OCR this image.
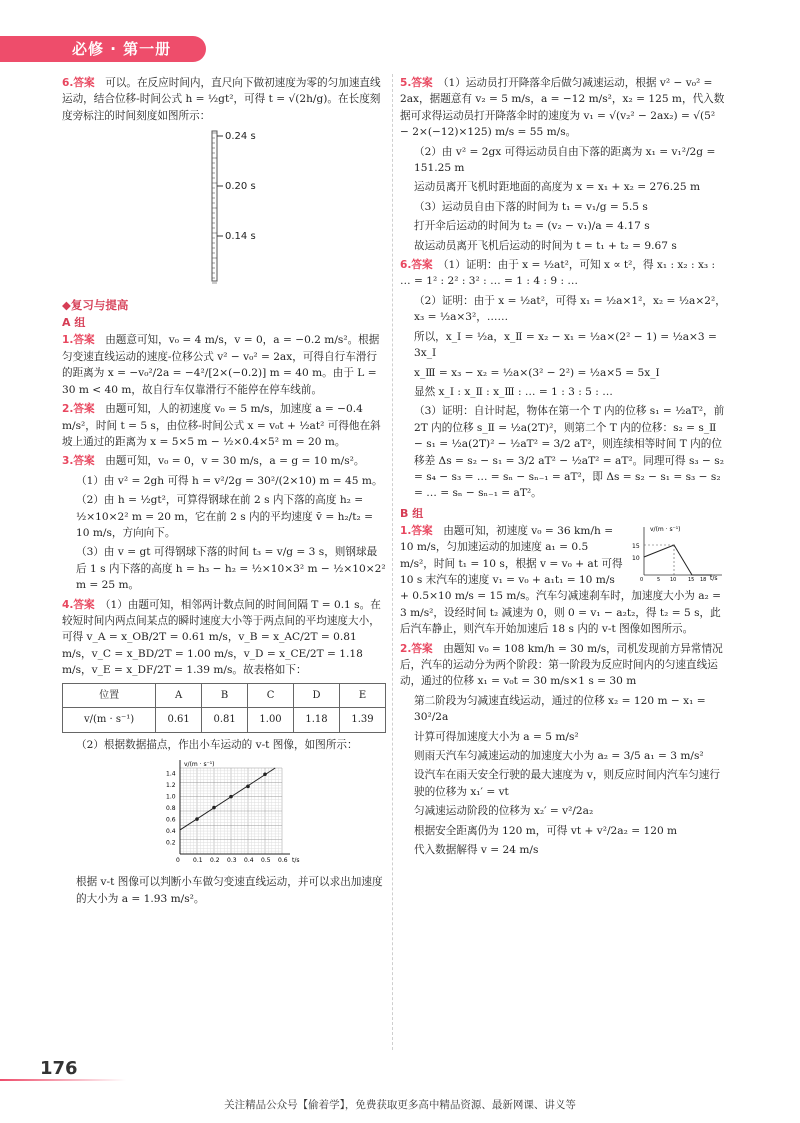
必修 · 第一册

6.答案　 可以。在反应时间内，直尺向下做初速度为零的匀加速直线运动，结合位移-时间公式 h = ½gt²，可得 t = √(2h/g)。在长度刻度旁标注的时间刻度如图所示：

0.24 s
0.20 s
0.14 s
◆复习与提高
A 组

1.答案　 由题意可知，v₀ = 4 m/s，v = 0，a = −0.2 m/s²。根据匀变速直线运动的速度-位移公式 v² − v₀² = 2ax，可得自行车滑行的距离为 x = −v₀²/2a = −4²/[2×(−0.2)] m = 40 m。由于 L = 30 m < 40 m，故自行车仅靠滑行不能停在停车线前。

2.答案　 由题可知，人的初速度 v₀ = 5 m/s，加速度 a = −0.4 m/s²，时间 t = 5 s，由位移-时间公式 x = v₀t + ½at² 可得他在斜坡上通过的距离为 x = 5×5 m − ½×0.4×5² m = 20 m。

3.答案　 由题可知，v₀ = 0，v = 30 m/s，a = g = 10 m/s²。

（1）由 v² = 2gh 可得 h = v²/2g = 30²/(2×10) m = 45 m。

（2）由 h = ½gt²，可算得钢球在前 2 s 内下落的高度 h₂ = ½×10×2² m = 20 m，它在前 2 s 内的平均速度 v̄ = h₂/t₂ = 10 m/s，方向向下。

（3）由 v = gt 可得钢球下落的时间 t₃ = v/g = 3 s，则钢球最后 1 s 内下落的高度 h = h₃ − h₂ = ½×10×3² m − ½×10×2² m = 25 m。

4.答案　 （1）由题可知，相邻两计数点间的时间间隔 T = 0.1 s。在较短时间内两点间某点的瞬时速度大小等于两点间的平均速度大小，可得 v_A = x_OB/2T = 0.61 m/s，v_B = x_AC/2T = 0.81 m/s，v_C = x_BD/2T = 1.00 m/s，v_D = x_CE/2T = 1.18 m/s，v_E = x_DF/2T = 1.39 m/s。故表格如下：

位置	A	B	C	D	E
v/(m · s⁻¹)	0.61	0.81	1.00	1.18	1.39

（2）根据数据描点，作出小车运动的 v-t 图像，如图所示：

v/(m · s⁻¹)
t/s
0.2
0.4
0.6
0.8
1.0
1.2
1.4
0 0.1 0.2 0.3 0.4 0.5 0.6

根据 v-t 图像可以判断小车做匀变速直线运动，并可以求出加速度的大小为 a = 1.93 m/s²。

5.答案　 （1）运动员打开降落伞后做匀减速运动，根据 v² − v₀² = 2ax，据题意有 v₂ = 5 m/s，a = −12 m/s²，x₂ = 125 m，代入数据可求得运动员打开降落伞时的速度为 v₁ = √(v₂² − 2ax₂) = √(5² − 2×(−12)×125) m/s = 55 m/s。

（2）由 v² = 2gx 可得运动员自由下落的距离为 x₁ = v₁²/2g = 151.25 m

运动员离开飞机时距地面的高度为 x = x₁ + x₂ = 276.25 m

（3）运动员自由下落的时间为 t₁ = v₁/g = 5.5 s

打开伞后运动的时间为 t₂ = (v₂ − v₁)/a = 4.17 s

故运动员离开飞机后运动的时间为 t = t₁ + t₂ = 9.67 s

6.答案　 （1）证明：由于 x = ½at²，可知 x ∝ t²，得 x₁ : x₂ : x₃ : … = 1² : 2² : 3² : … = 1 : 4 : 9 : …

（2）证明：由于 x = ½at²，可得 x₁ = ½a×1²，x₂ = ½a×2²，x₃ = ½a×3²，……

所以，x_Ⅰ = ½a，x_Ⅱ = x₂ − x₁ = ½a×(2² − 1) = ½a×3 = 3x_Ⅰ

x_Ⅲ = x₃ − x₂ = ½a×(3² − 2²) = ½a×5 = 5x_Ⅰ

显然 x_Ⅰ : x_Ⅱ : x_Ⅲ : … = 1 : 3 : 5 : …

（3）证明：自计时起，物体在第一个 T 内的位移 s₁ = ½aT²，前 2T 内的位移 s_Ⅱ = ½a(2T)²，则第二个 T 内的位移：s₂ = s_Ⅱ − s₁ = ½a(2T)² − ½aT² = 3/2 aT²，则连续相等时间 T 内的位移差 Δs = s₂ − s₁ = 3/2 aT² − ½aT² = aT²。同理可得 s₃ − s₂ = s₄ − s₃ = … = sₙ − sₙ₋₁ = aT²，即 Δs = s₂ − s₁ = s₃ − s₂ = … = sₙ − sₙ₋₁ = aT²。

B 组
v/(m · s⁻¹)
t/s
15
10
0	5 10 15 18

1.答案　 由题可知，初速度 v₀ = 36 km/h = 10 m/s，匀加速运动的加速度 a₁ = 0.5 m/s²，时间 t₁ = 10 s，根据 v = v₀ + at 可得 10 s 末汽车的速度 v₁ = v₀ + a₁t₁ = 10 m/s + 0.5×10 m/s = 15 m/s。汽车匀减速刹车时，加速度大小为 a₂ = 3 m/s²，设经时间 t₂ 减速为 0，则 0 = v₁ − a₂t₂，得 t₂ = 5 s，此后汽车静止，则汽车开始加速后 18 s 内的 v-t 图像如图所示。

2.答案　 由题知 v₀ = 108 km/h = 30 m/s，司机发现前方异常情况后，汽车的运动分为两个阶段：第一阶段为反应时间内的匀速直线运动，通过的位移 x₁ = v₀t = 30 m/s×1 s = 30 m

第二阶段为匀减速直线运动，通过的位移 x₂ = 120 m − x₁ = 30²/2a

计算可得加速度大小为 a = 5 m/s²

则雨天汽车匀减速运动的加速度大小为 a₂ = 3/5 a₁ = 3 m/s²

设汽车在雨天安全行驶的最大速度为 v，则反应时间内汽车匀速行驶的位移为 x₁′ = vt

匀减速运动阶段的位移为 x₂′ = v²/2a₂

根据安全距离仍为 120 m，可得 vt + v²/2a₂ = 120 m

代入数据解得 v = 24 m/s

176
关注精品公众号【偷着学】，免费获取更多高中精品资源、最新网课、讲义等
